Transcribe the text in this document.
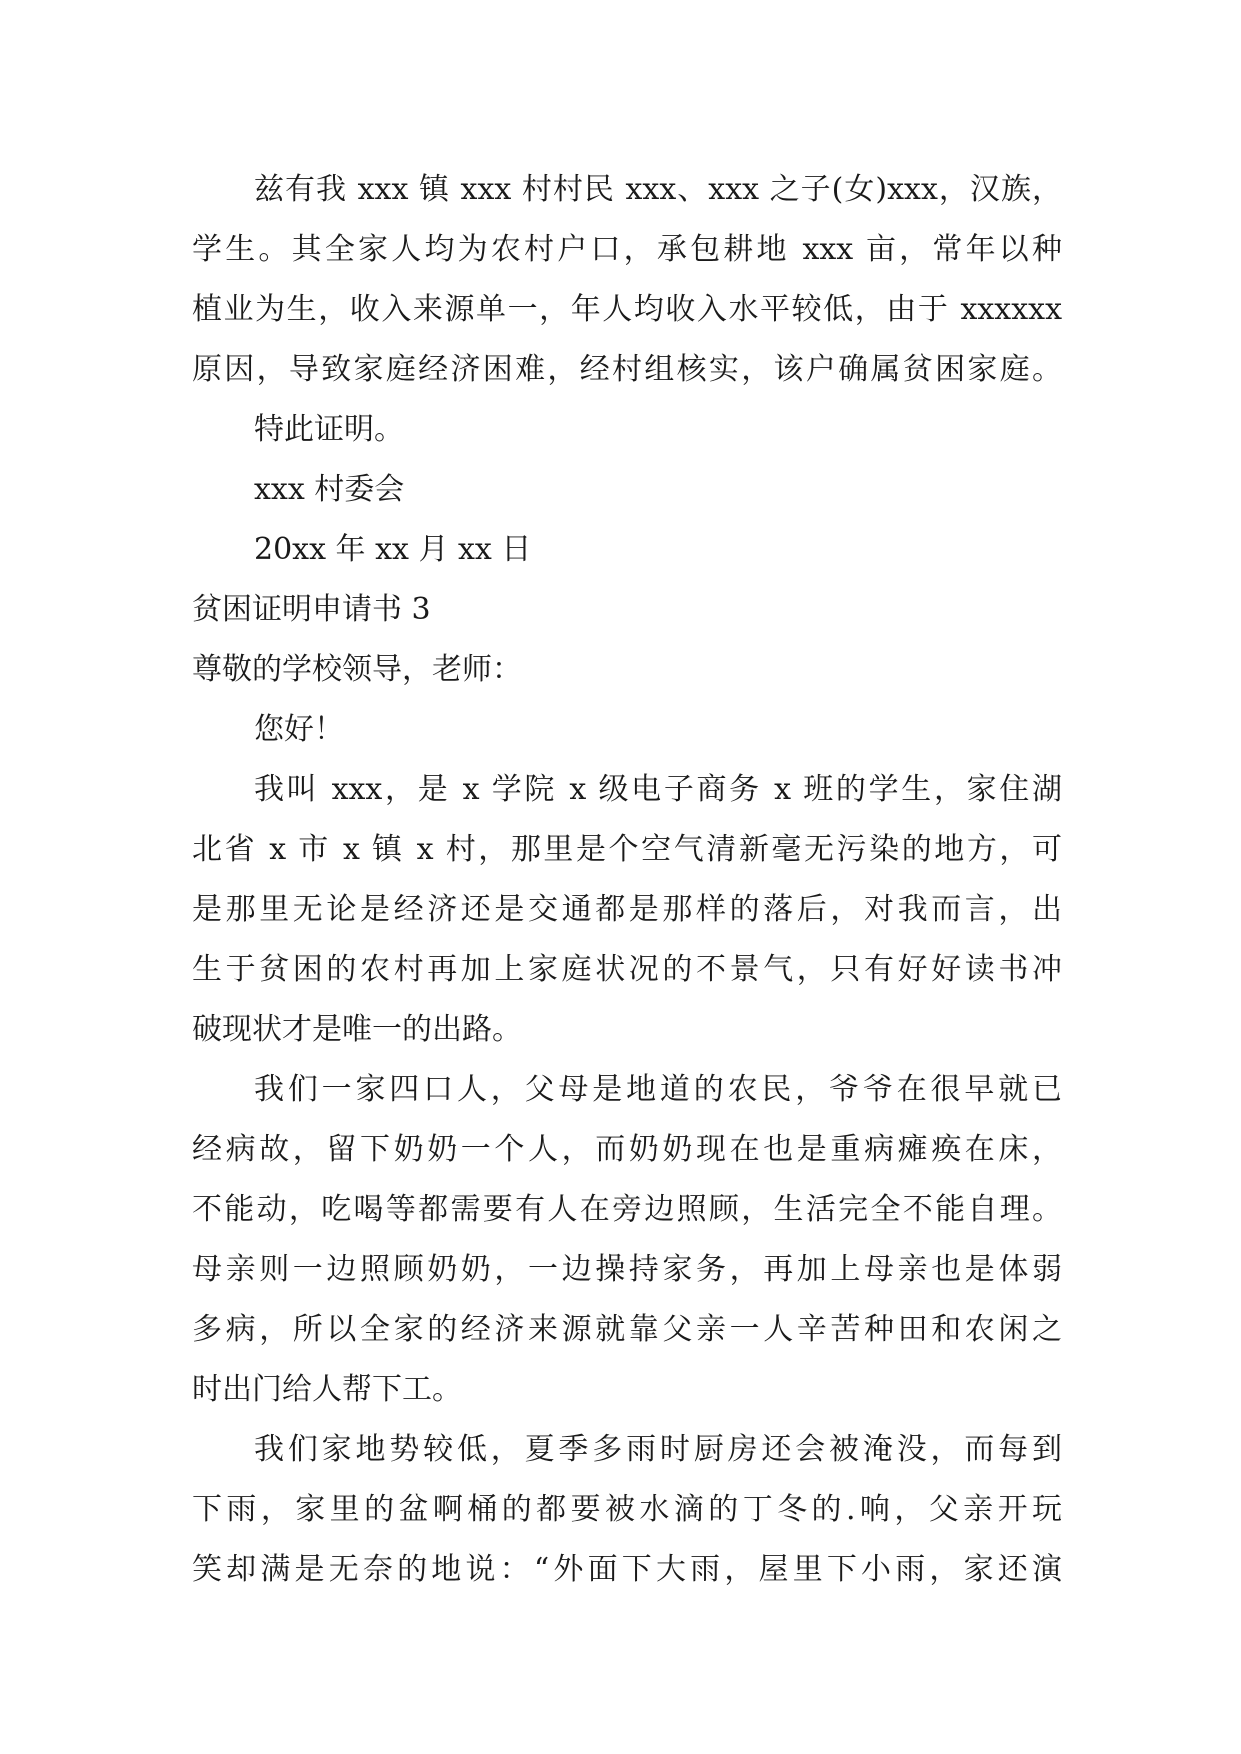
兹有我 xxx 镇 xxx 村村民 xxx、xxx 之子(女)xxx，汉族，
学生。其全家人均为农村户口，承包耕地 xxx 亩，常年以种
植业为生，收入来源单一，年人均收入水平较低，由于 xxxxxx
原因，导致家庭经济困难，经村组核实，该户确属贫困家庭。
特此证明。
xxx 村委会
20xx 年 xx 月 xx 日
贫困证明申请书 3
尊敬的学校领导，老师：
您好！
我叫 xxx，是 x 学院 x 级电子商务 x 班的学生，家住湖
北省 x 市 x 镇 x 村，那里是个空气清新毫无污染的地方，可
是那里无论是经济还是交通都是那样的落后，对我而言，出
生于贫困的农村再加上家庭状况的不景气，只有好好读书冲
破现状才是唯一的出路。
我们一家四口人，父母是地道的农民，爷爷在很早就已
经病故，留下奶奶一个人，而奶奶现在也是重病瘫痪在床，
不能动，吃喝等都需要有人在旁边照顾，生活完全不能自理。
母亲则一边照顾奶奶，一边操持家务，再加上母亲也是体弱
多病，所以全家的经济来源就靠父亲一人辛苦种田和农闲之
时出门给人帮下工。
我们家地势较低，夏季多雨时厨房还会被淹没，而每到
下雨，家里的盆啊桶的都要被水滴的丁冬的.响，父亲开玩
笑却满是无奈的地说：“外面下大雨，屋里下小雨，家还演
